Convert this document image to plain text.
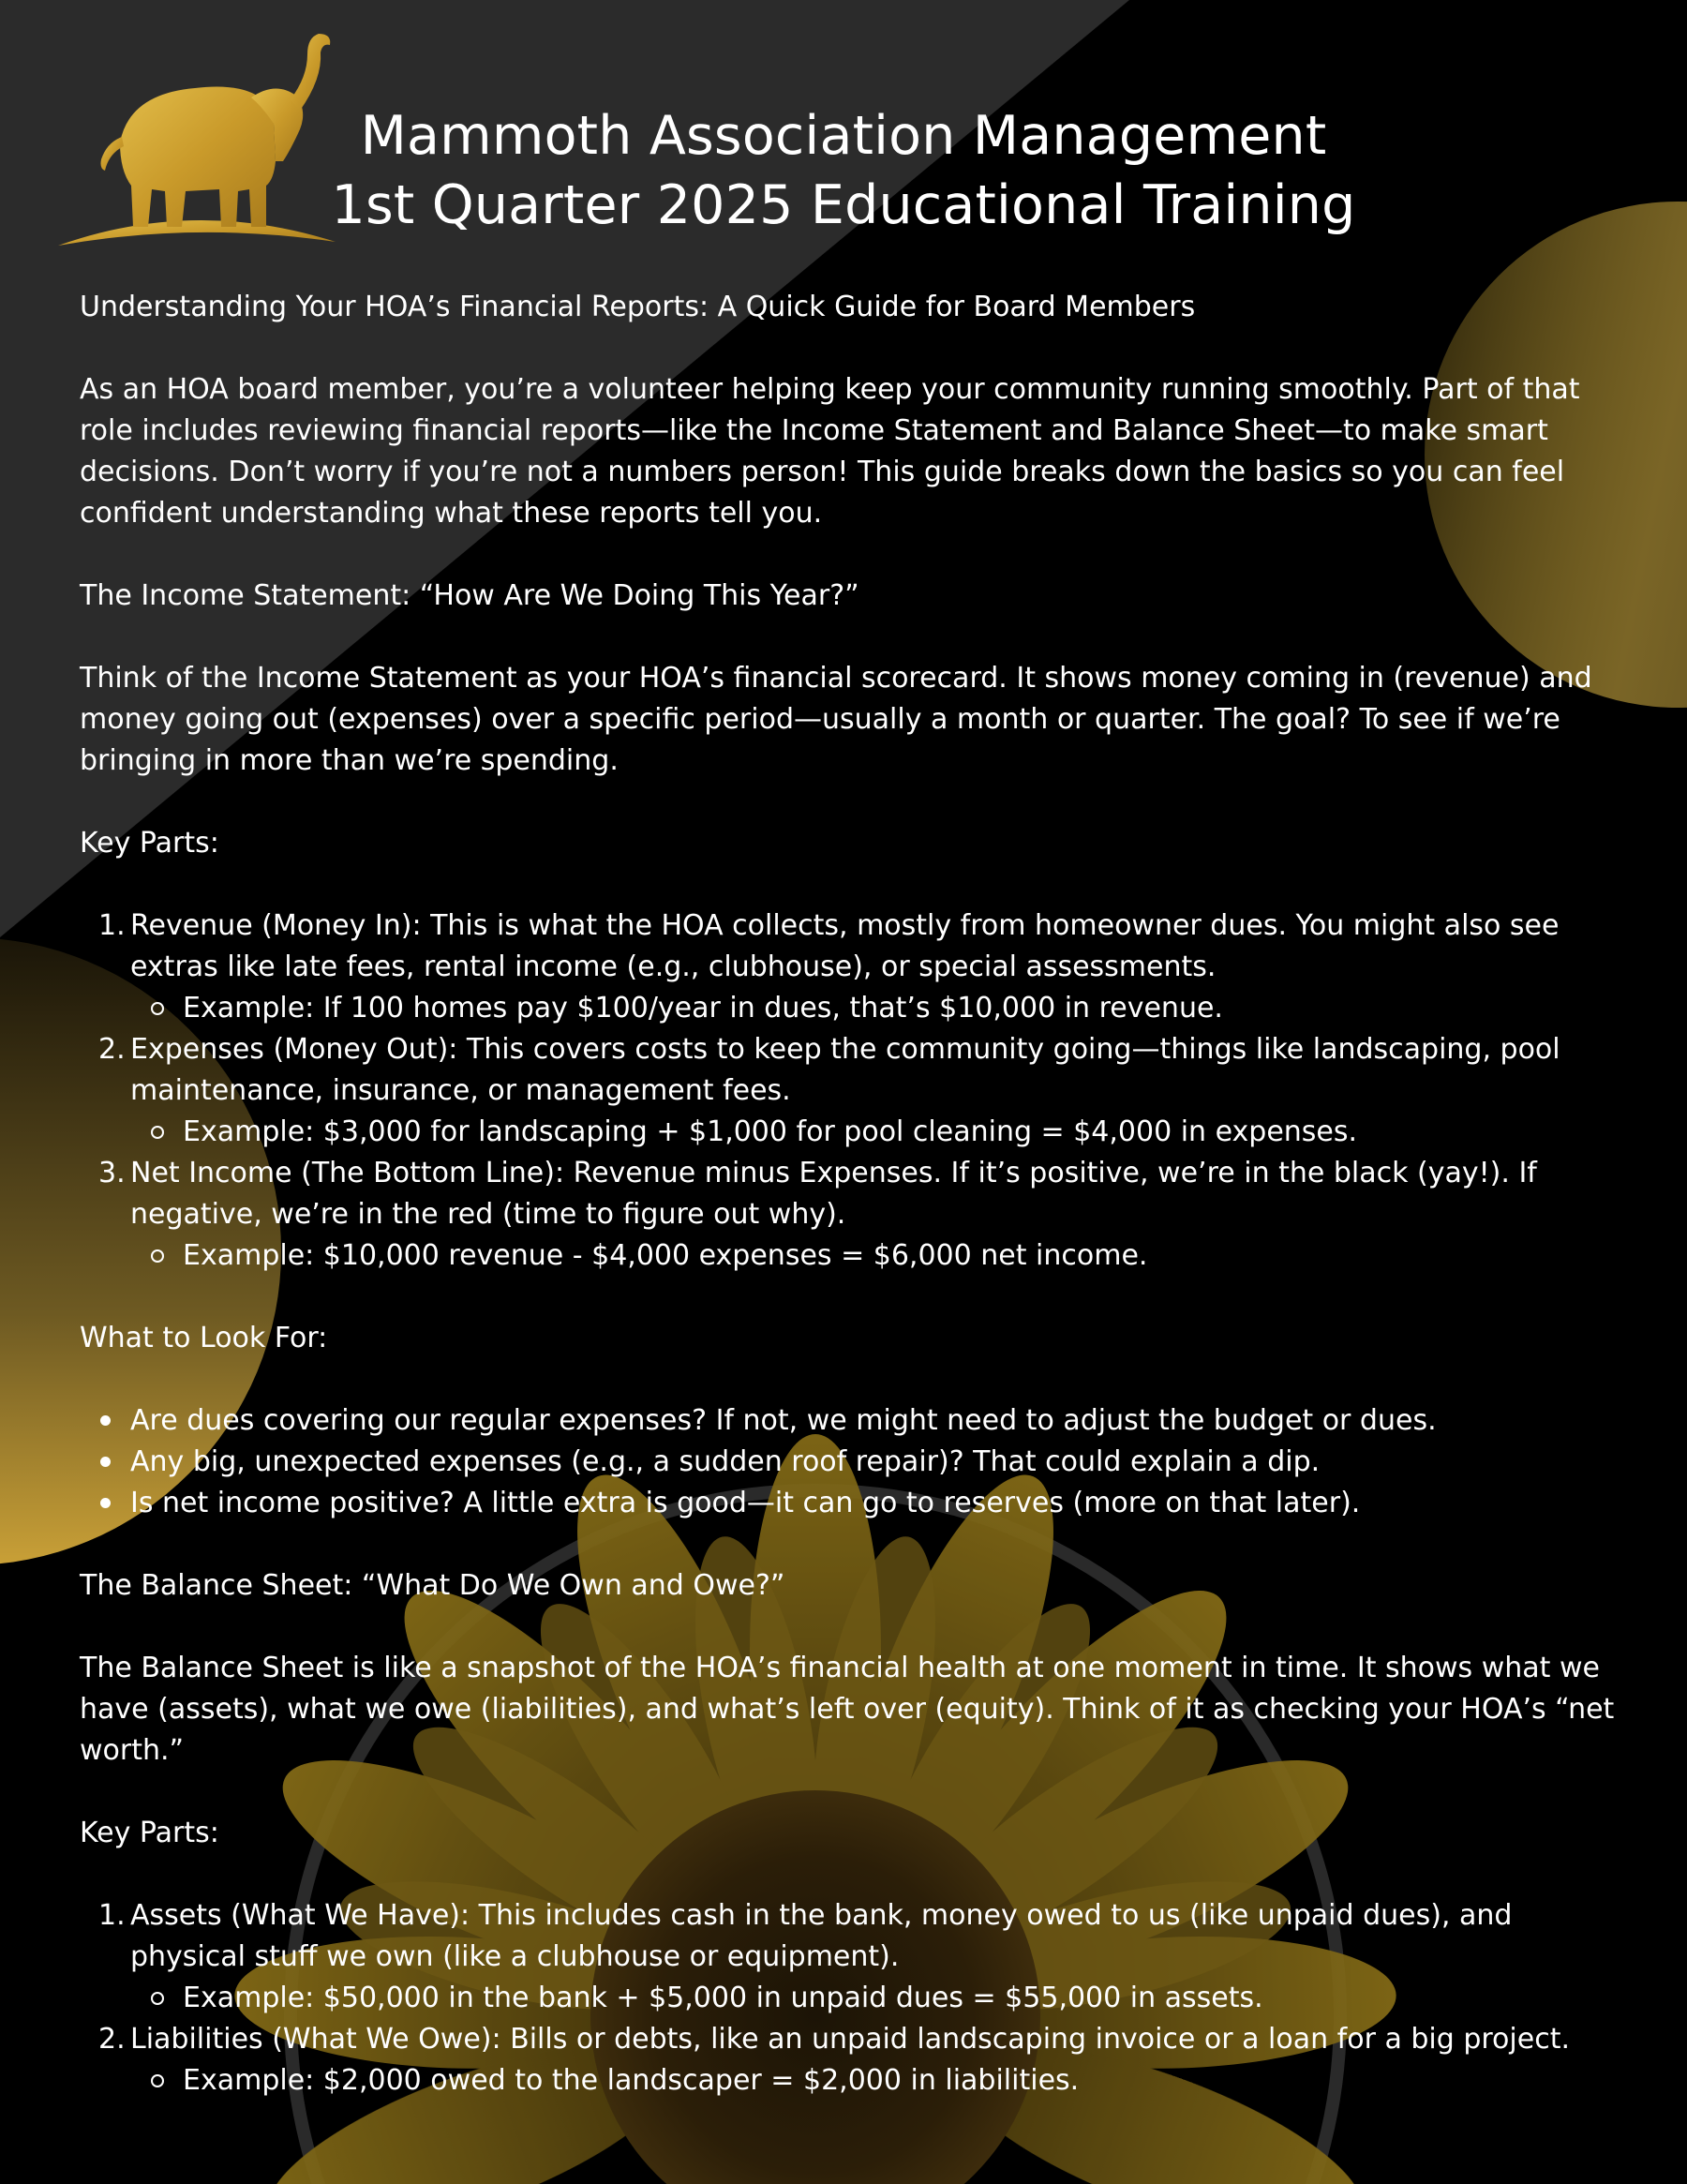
Mammoth Association Management
1st Quarter 2025 Educational Training

Understanding Your HOA’s Financial Reports: A Quick Guide for Board Members

As an HOA board member, you’re a volunteer helping keep your community running smoothly. Part of that role includes reviewing financial reports—like the Income Statement and Balance Sheet—to make smart decisions. Don’t worry if you’re not a numbers person! This guide breaks down the basics so you can feel confident understanding what these reports tell you.

The Income Statement: “How Are We Doing This Year?”

Think of the Income Statement as your HOA’s financial scorecard. It shows money coming in (revenue) and money going out (expenses) over a specific period—usually a month or quarter. The goal? To see if we’re bringing in more than we’re spending.

Key Parts:

1. Revenue (Money In): This is what the HOA collects, mostly from homeowner dues. You might also see extras like late fees, rental income (e.g., clubhouse), or special assessments.
Example: If 100 homes pay $100/year in dues, that’s $10,000 in revenue.
2. Expenses (Money Out): This covers costs to keep the community going—things like landscaping, pool maintenance, insurance, or management fees.
Example: $3,000 for landscaping + $1,000 for pool cleaning = $4,000 in expenses.
3. Net Income (The Bottom Line): Revenue minus Expenses. If it’s positive, we’re in the black (yay!). If negative, we’re in the red (time to figure out why).
Example: $10,000 revenue - $4,000 expenses = $6,000 net income.

What to Look For:

Are dues covering our regular expenses? If not, we might need to adjust the budget or dues.
Any big, unexpected expenses (e.g., a sudden roof repair)? That could explain a dip.
Is net income positive? A little extra is good—it can go to reserves (more on that later).

The Balance Sheet: “What Do We Own and Owe?”

The Balance Sheet is like a snapshot of the HOA’s financial health at one moment in time. It shows what we have (assets), what we owe (liabilities), and what’s left over (equity). Think of it as checking your HOA’s “net worth.”

Key Parts:

1. Assets (What We Have): This includes cash in the bank, money owed to us (like unpaid dues), and physical stuff we own (like a clubhouse or equipment).
Example: $50,000 in the bank + $5,000 in unpaid dues = $55,000 in assets.
2. Liabilities (What We Owe): Bills or debts, like an unpaid landscaping invoice or a loan for a big project.
Example: $2,000 owed to the landscaper = $2,000 in liabilities.
